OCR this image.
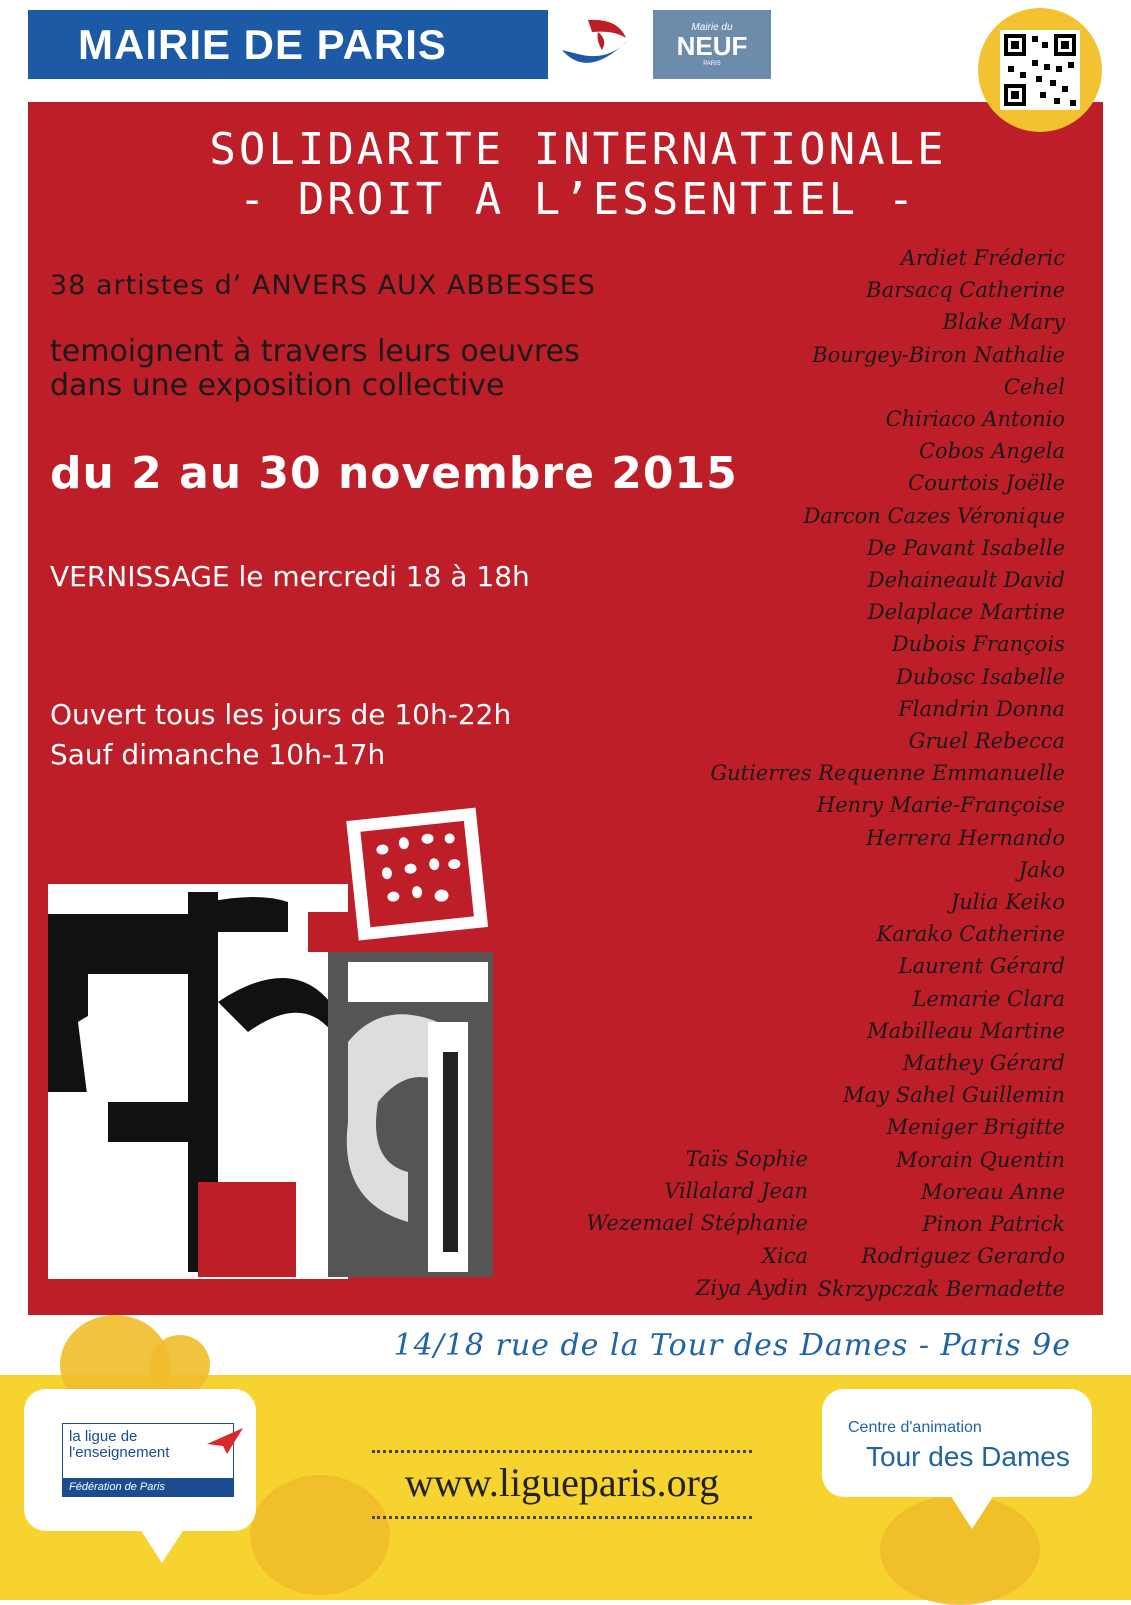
MAIRIE DE PARIS	Mairie du
NEUF
PARIS
SOLIDARITE INTERNATIONALE
- DROIT A L’ESSENTIEL -
38 artistes d’ ANVERS AUX ABBESSES
temoignent à travers leurs oeuvres
dans une exposition collective
du 2 au 30 novembre 2015
VERNISSAGE le mercredi 18 à 18h
Ouvert tous les jours de 10h-22h
Sauf dimanche 10h-17h
Ardiet Fréderic
Barsacq Catherine
Blake Mary
Bourgey-Biron Nathalie
Cehel
Chiriaco Antonio
Cobos Angela
Courtois Joëlle
Darcon Cazes Véronique
De Pavant Isabelle
Dehaineault David
Delaplace Martine
Dubois François
Dubosc Isabelle
Flandrin Donna
Gruel Rebecca
Gutierres Requenne Emmanuelle
Henry Marie-Françoise
Herrera Hernando
Jako
Julia Keiko
Karako Catherine
Laurent Gérard
Lemarie Clara
Mabilleau Martine
Mathey Gérard
May Sahel Guillemin
Meniger Brigitte
Morain Quentin
Moreau Anne
Pinon Patrick
Rodriguez Gerardo
Skrzypczak Bernadette
Taïs Sophie
Villalard Jean
Wezemael Stéphanie
Xica
Ziya Aydin
14/18 rue de la Tour des Dames - Paris 9e
la ligue de
l'enseignement
Fédération de Paris
Centre d'animation
Tour des Dames
www.ligueparis.org
